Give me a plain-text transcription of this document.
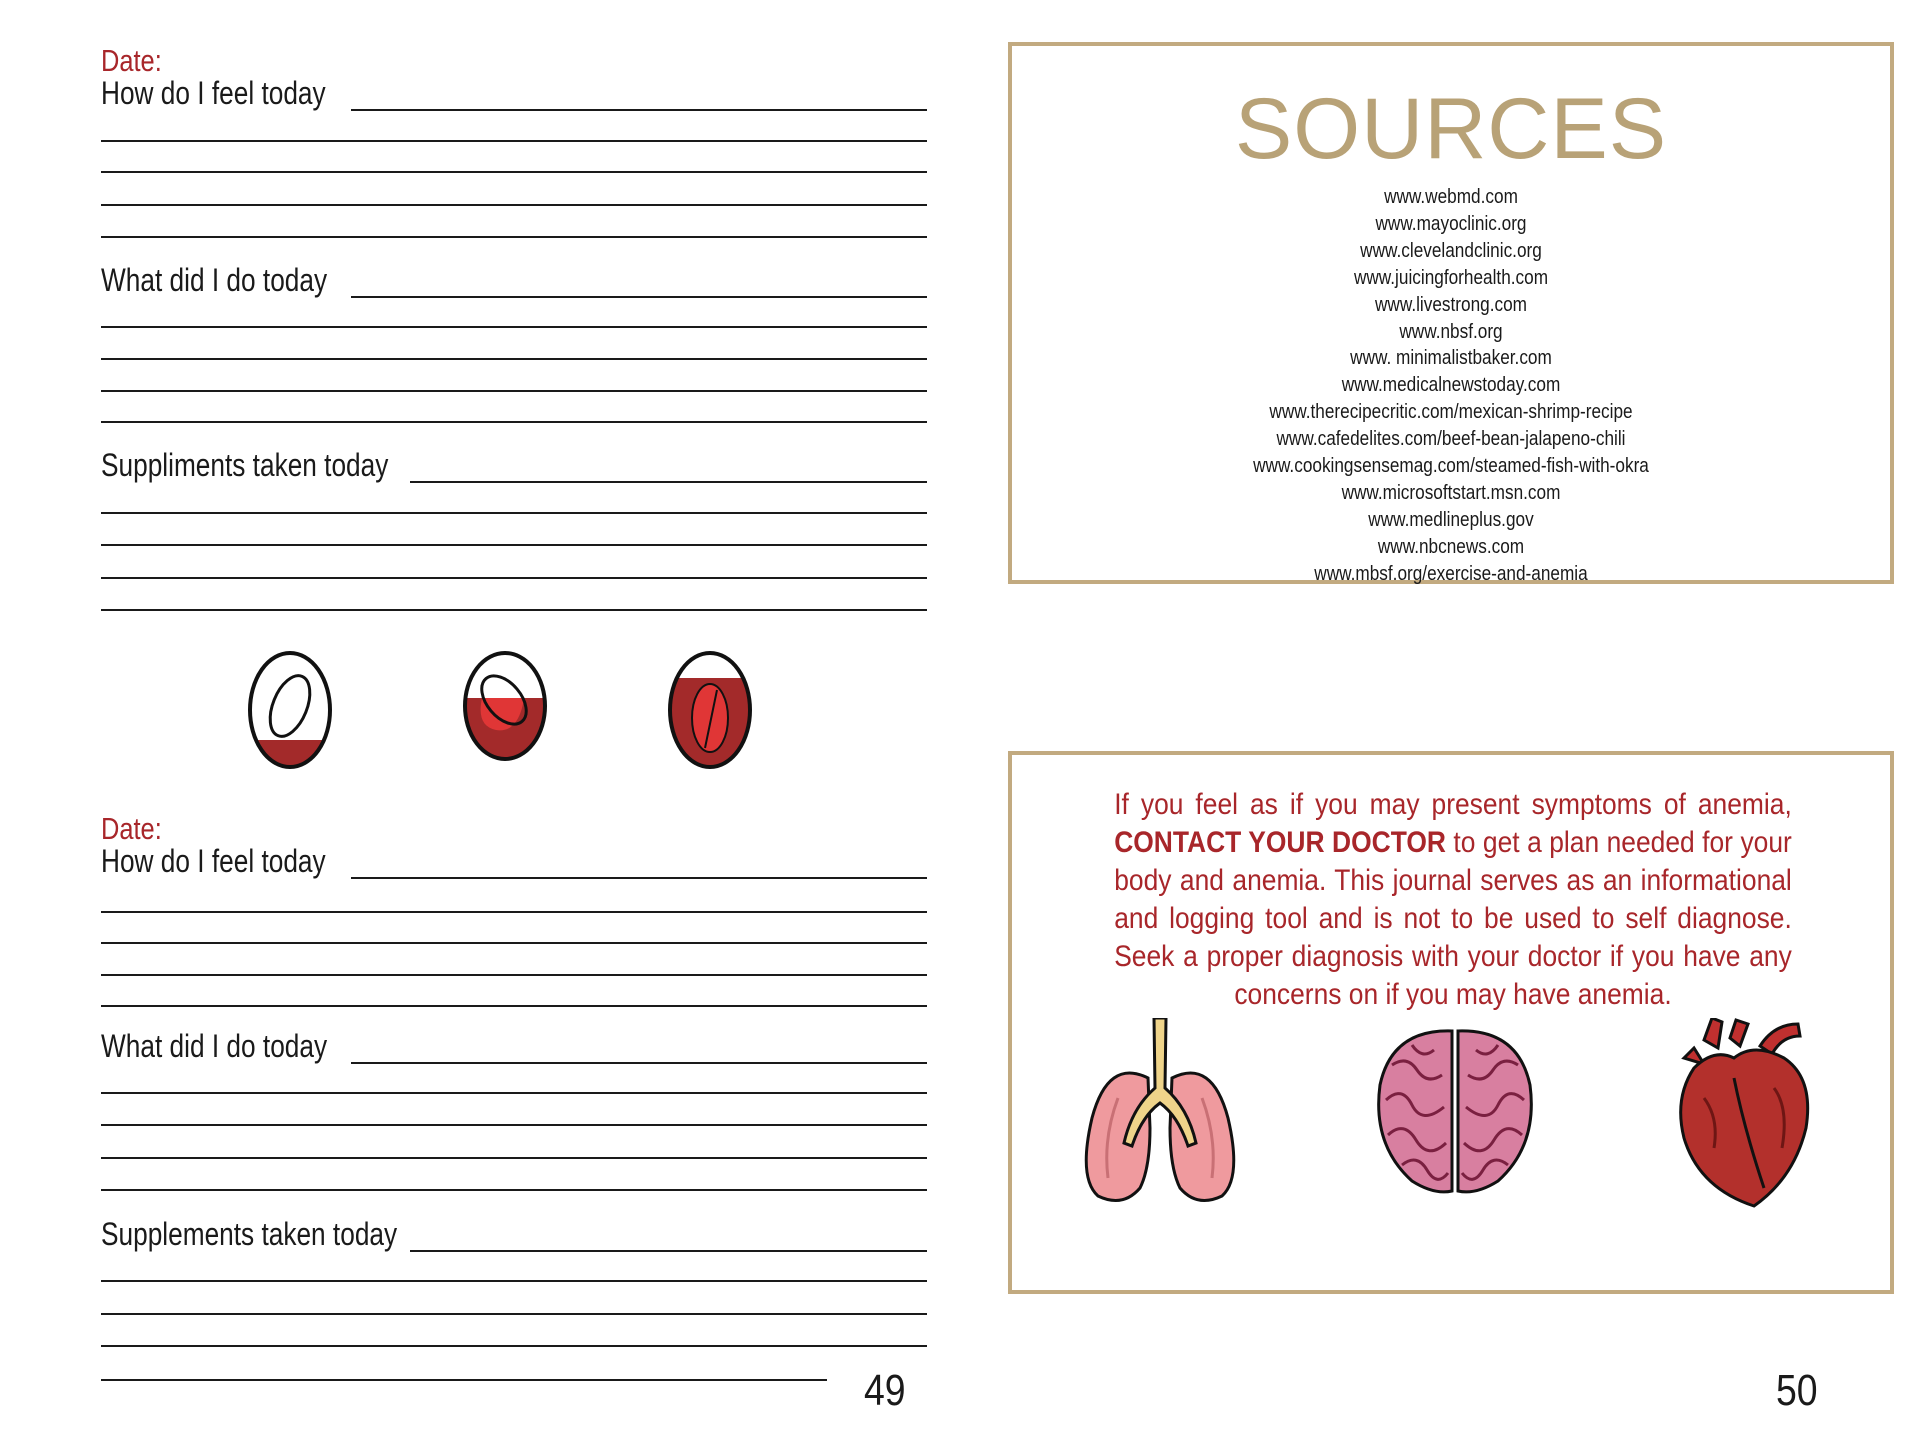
Date:
How do I feel today
What did I do today
Suppliments taken today
Date:
How do I feel today
What did I do today
Supplements taken today
49	50
SOURCES
www.webmd.com
www.mayoclinic.org
www.clevelandclinic.org
www.juicingforhealth.com
www.livestrong.com
www.nbsf.org
www. minimalistbaker.com
www.medicalnewstoday.com
www.therecipecritic.com/mexican-shrimp-recipe
www.cafedelites.com/beef-bean-jalapeno-chili
www.cookingsensemag.com/steamed-fish-with-okra
www.microsoftstart.msn.com
www.medlineplus.gov
www.nbcnews.com
www.mbsf.org/exercise-and-anemia
If you feel as if you may present symptoms of anemia, CONTACT YOUR DOCTOR to get a plan needed for your body and anemia. This journal serves as an informational and logging tool and is not to be used to self diagnose. Seek a proper diagnosis with your doctor if you have any concerns on if you may have anemia.
